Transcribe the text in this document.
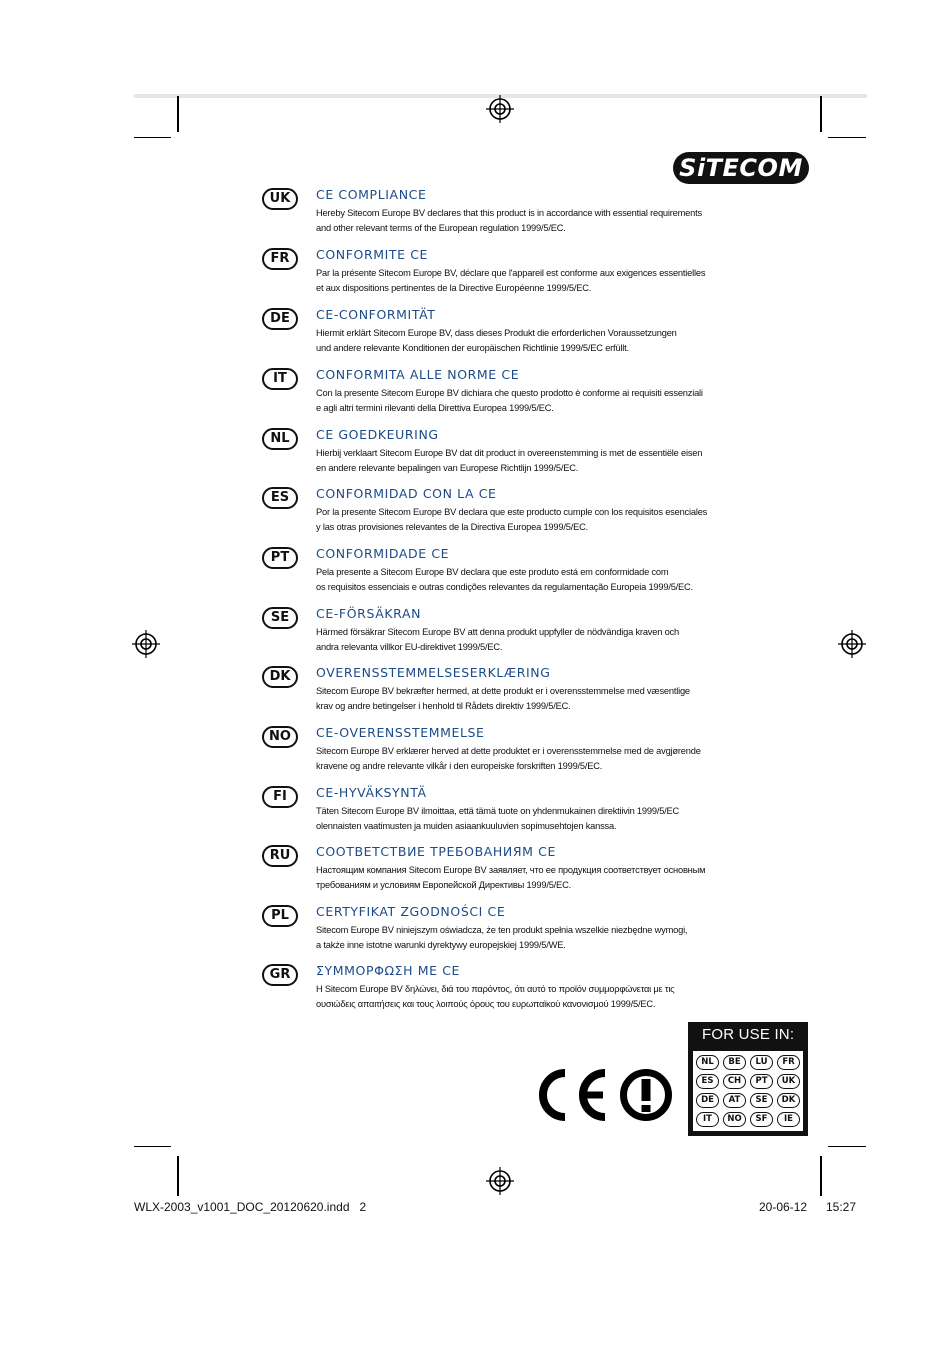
SiTECOM
UK	CE COMPLIANCE
Hereby Sitecom Europe BV declares that this product is in accordance with essential requirements
and other relevant terms of the European regulation 1999/5/EC.
FR	CONFORMITE CE
Par la présente Sitecom Europe BV, déclare que l'appareil est conforme aux exigences essentielles
et aux dispositions pertinentes de la Directive Européenne 1999/5/EC.
DE	CE-CONFORMITÄT
Hiermit erklärt Sitecom Europe BV, dass dieses Produkt die erforderlichen Voraussetzungen
und andere relevante Konditionen der europäischen Richtlinie 1999/5/EC erfüllt.
IT	CONFORMITA ALLE NORME CE
Con la presente Sitecom Europe BV dichiara che questo prodotto è conforme ai requisiti essenziali
e agli altri termini rilevanti della Direttiva Europea 1999/5/EC.
NL	CE GOEDKEURING
Hierbij verklaart Sitecom Europe BV dat dit product in overeenstemming is met de essentiële eisen
en andere relevante bepalingen van Europese Richtlijn 1999/5/EC.
ES	CONFORMIDAD CON LA CE
Por la presente Sitecom Europe BV declara que este producto cumple con los requisitos esenciales
y las otras provisiones relevantes de la Directiva Europea 1999/5/EC.
PT	CONFORMIDADE CE
Pela presente a Sitecom Europe BV declara que este produto está em conformidade com
os requisitos essenciais e outras condições relevantes da regulamentação Europeia 1999/5/EC.
SE	CE-FÖRSÄKRAN
Härmed försäkrar Sitecom Europe BV att denna produkt uppfyller de nödvändiga kraven och
andra relevanta villkor EU-direktivet 1999/5/EC.
DK	OVERENSSTEMMELSESERKLÆRING
Sitecom Europe BV bekræfter hermed, at dette produkt er i overensstemmelse med væsentlige
krav og andre betingelser i henhold til Rådets direktiv 1999/5/EC.
NO	CE-OVERENSSTEMMELSE
Sitecom Europe BV erklærer herved at dette produktet er i overensstemmelse med de avgjørende
kravene og andre relevante vilkår i den europeiske forskriften 1999/5/EC.
FI	CE-HYVÄKSYNTÄ
Täten Sitecom Europe BV ilmoittaa, että tämä tuote on yhdenmukainen direktiivin 1999/5/EC
olennaisten vaatimusten ja muiden asiaankuuluvien sopimusehtojen kanssa.
RU	СООТВЕТСТВИЕ ТРЕБОВАНИЯМ CE
Настоящим компания Sitecom Europe BV заявляет, что ее продукция соответствует основным
требованиям и условиям Европейской Директивы 1999/5/EC.
PL	CERTYFIKAT ZGODNOŚCI CE
Sitecom Europe BV niniejszym oświadcza, że ten produkt spełnia wszelkie niezbędne wymogi,
a także inne istotne warunki dyrektywy europejskiej 1999/5/WE.
GR	ΣΥΜΜΟΡΦΩΣΗ ΜΕ CE
Η Sitecom Europe BV δηλώνει, διά του παρόντος, ότι αυτό το προϊόν συμμορφώνεται με τις
ουσιώδεις απαιτήσεις και τους λοιπούς όρους του ευρωπαϊκού κανονισμού 1999/5/EC.
FOR USE IN:
NL	BE	LU	FR
ES	CH	PT	UK
DE	AT	SE	DK
IT	NO	SF	IE
WLX-2003_v1001_DOC_20120620.indd   2	20-06-12 15:27
